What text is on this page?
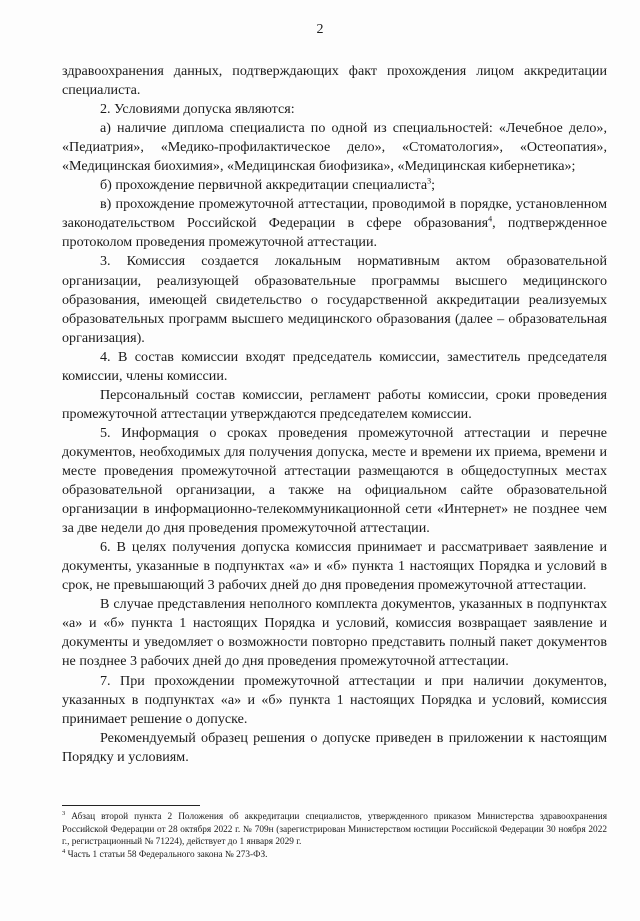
2

здравоохранения данных, подтверждающих факт прохождения лицом аккредитации специалиста.

2. Условиями допуска являются:

а) наличие диплома специалиста по одной из специальностей: «Лечебное дело», «Педиатрия», «Медико-профилактическое дело», «Стоматология», «Остеопатия», «Медицинская биохимия», «Медицинская биофизика», «Медицинская кибернетика»;

б) прохождение первичной аккредитации специалиста$^3$;

в) прохождение промежуточной аттестации, проводимой в порядке, установленном законодательством Российской Федерации в сфере образования$^4$, подтвержденное протоколом проведения промежуточной аттестации.

3. Комиссия создается локальным нормативным актом образовательной организации, реализующей образовательные программы высшего медицинского образования, имеющей свидетельство о государственной аккредитации реализуемых образовательных программ высшего медицинского образования (далее – образовательная организация).

4. В состав комиссии входят председатель комиссии, заместитель председателя комиссии, члены комиссии.

Персональный состав комиссии, регламент работы комиссии, сроки проведения промежуточной аттестации утверждаются председателем комиссии.

5. Информация о сроках проведения промежуточной аттестации и перечне документов, необходимых для получения допуска, месте и времени их приема, времени и месте проведения промежуточной аттестации размещаются в общедоступных местах образовательной организации, а также на официальном сайте образовательной организации в информационно-телекоммуникационной сети «Интернет» не позднее чем за две недели до дня проведения промежуточной аттестации.

6. В целях получения допуска комиссия принимает и рассматривает заявление и документы, указанные в подпунктах «а» и «б» пункта 1 настоящих Порядка и условий в срок, не превышающий 3 рабочих дней до дня проведения промежуточной аттестации.

В случае представления неполного комплекта документов, указанных в подпунктах «а» и «б» пункта 1 настоящих Порядка и условий, комиссия возвращает заявление и документы и уведомляет о возможности повторно представить полный пакет документов не позднее 3 рабочих дней до дня проведения промежуточной аттестации.

7. При прохождении промежуточной аттестации и при наличии документов, указанных в подпунктах «а» и «б» пункта 1 настоящих Порядка и условий, комиссия принимает решение о допуске.

Рекомендуемый образец решения о допуске приведен в приложении к настоящим Порядку и условиям.

$^3$ Абзац второй пункта 2 Положения об аккредитации специалистов, утвержденного приказом Министерства здравоохранения Российской Федерации от 28 октября 2022 г. № 709н (зарегистрирован Министерством юстиции Российской Федерации 30 ноября 2022 г., регистрационный № 71224), действует до 1 января 2029 г.

$^4$ Часть 1 статьи 58 Федерального закона № 273-ФЗ.
